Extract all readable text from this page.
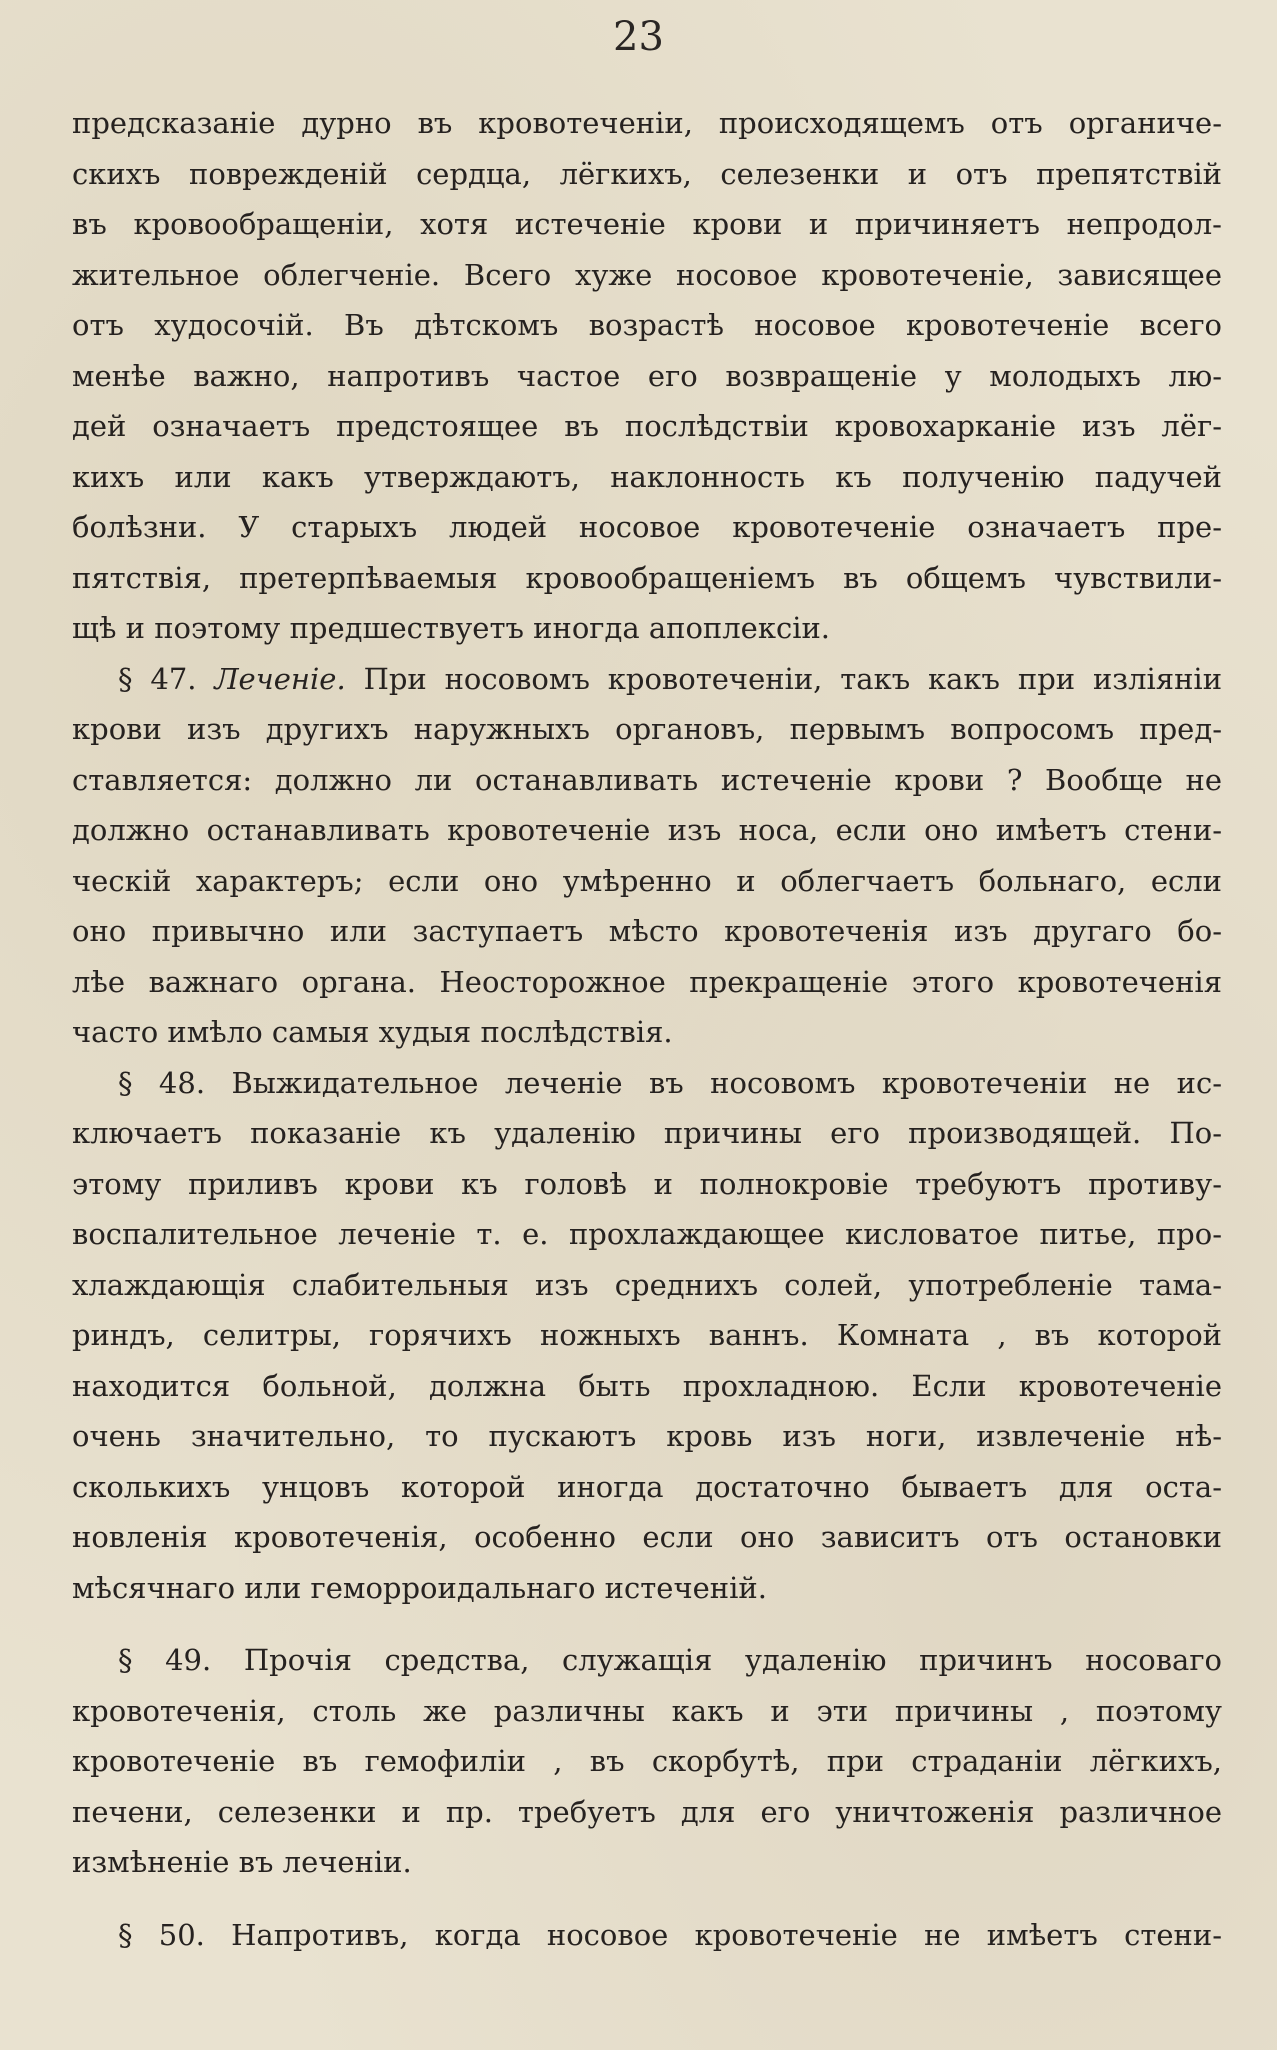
23
предсказаніе дурно въ кровотеченіи, происходящемъ отъ органиче-
скихъ поврежденій сердца, лёгкихъ, селезенки и отъ препятствій
въ кровообращеніи, хотя истеченіе крови и причиняетъ непродол-
жительное облегченіе. Всего хуже носовое кровотеченіе, зависящее
отъ худосочій. Въ дѣтскомъ возрастѣ носовое кровотеченіе всего
менѣе важно, напротивъ частое его возвращеніе у молодыхъ лю-
дей означаетъ предстоящее въ послѣдствіи кровохарканіе изъ лёг-
кихъ или какъ утверждаютъ, наклонность къ полученію падучей
болѣзни. У старыхъ людей носовое кровотеченіе означаетъ пре-
пятствія, претерпѣваемыя кровообращеніемъ въ общемъ чувствили-
щѣ и поэтому предшествуетъ иногда апоплексіи.
§ 47. Леченіе. При носовомъ кровотеченіи, такъ какъ при изліяніи
крови изъ другихъ наружныхъ органовъ, первымъ вопросомъ пред-
ставляется: должно ли останавливать истеченіе крови ? Вообще не
должно останавливать кровотеченіе изъ носа, если оно имѣетъ стени-
ческій характеръ; если оно умѣренно и облегчаетъ больнаго, если
оно привычно или заступаетъ мѣсто кровотеченія изъ другаго бо-
лѣе важнаго органа. Неосторожное прекращеніе этого кровотеченія
часто имѣло самыя худыя послѣдствія.
§ 48. Выжидательное леченіе въ носовомъ кровотеченіи не ис-
ключаетъ показаніе къ удаленію причины его производящей. По-
этому приливъ крови къ головѣ и полнокровіе требуютъ противу-
воспалительное леченіе т. е. прохлаждающее кисловатое питье, про-
хлаждающія слабительныя изъ среднихъ солей, употребленіе тама-
риндъ, селитры, горячихъ ножныхъ ваннъ. Комната , въ которой
находится больной, должна быть прохладною. Если кровотеченіе
очень значительно, то пускаютъ кровь изъ ноги, извлеченіе нѣ-
сколькихъ унцовъ которой иногда достаточно бываетъ для оста-
новленія кровотеченія, особенно если оно зависитъ отъ остановки
мѣсячнаго или геморроидальнаго истеченій.
§ 49. Прочія средства, служащія удаленію причинъ носоваго
кровотеченія, столь же различны какъ и эти причины , поэтому
кровотеченіе въ гемофиліи , въ скорбутѣ, при страданіи лёгкихъ,
печени, селезенки и пр. требуетъ для его уничтоженія различное
измѣненіе въ леченіи.
§ 50. Напротивъ, когда носовое кровотеченіе не имѣетъ стени-
